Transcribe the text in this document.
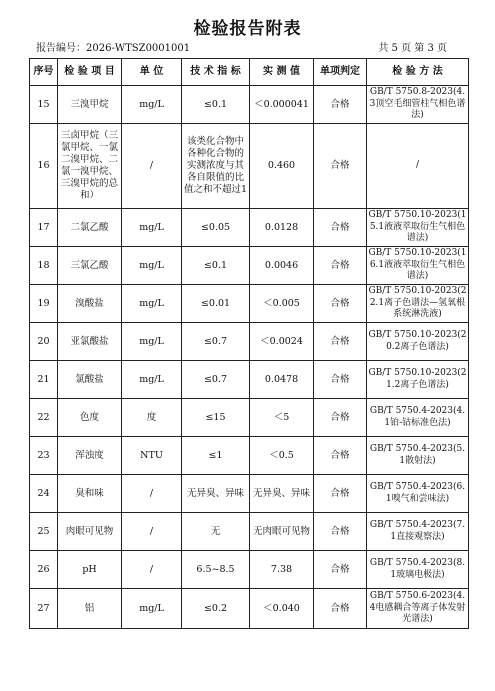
检验报告附表
报告编号：2026-WTSZ0001001	共 5 页 第 3 页
序号	检 验 项 目	单 位	技 术 指 标	实 测 值	单项判定	检 验 方 法
15	三溴甲烷	mg/L	≤0.1	＜0.000041	合格	GB/T 5750.8-2023(4.3顶空毛细管柱气相色谱法)
16	三卤甲烷（三氯甲烷、一氯二溴甲烷、二氯一溴甲烷、三溴甲烷的总和）	/	该类化合物中各种化合物的实测浓度与其各自限值的比值之和不超过1	0.460	合格	/
17	二氯乙酸	mg/L	≤0.05	0.0128	合格	GB/T 5750.10-2023(15.1液液萃取衍生气相色谱法)
18	三氯乙酸	mg/L	≤0.1	0.0046	合格	GB/T 5750.10-2023(16.1液液萃取衍生气相色谱法)
19	溴酸盐	mg/L	≤0.01	＜0.005	合格	GB/T 5750.10-2023(22.1离子色谱法—氢氧根系统淋洗液)
20	亚氯酸盐	mg/L	≤0.7	＜0.0024	合格	GB/T 5750.10-2023(20.2离子色谱法)
21	氯酸盐	mg/L	≤0.7	0.0478	合格	GB/T 5750.10-2023(21.2离子色谱法)
22	色度	度	≤15	＜5	合格	GB/T 5750.4-2023(4.1铂-钴标准色法)
23	浑浊度	NTU	≤1	＜0.5	合格	GB/T 5750.4-2023(5.1散射法)
24	臭和味	/	无异臭、异味	无异臭、异味	合格	GB/T 5750.4-2023(6.1嗅气和尝味法)
25	肉眼可见物	/	无	无肉眼可见物	合格	GB/T 5750.4-2023(7.1直接观察法)
26	pH	/	6.5~8.5	7.38	合格	GB/T 5750.4-2023(8.1玻璃电极法)
27	铝	mg/L	≤0.2	＜0.040	合格	GB/T 5750.6-2023(4.4电感耦合等离子体发射光谱法)
